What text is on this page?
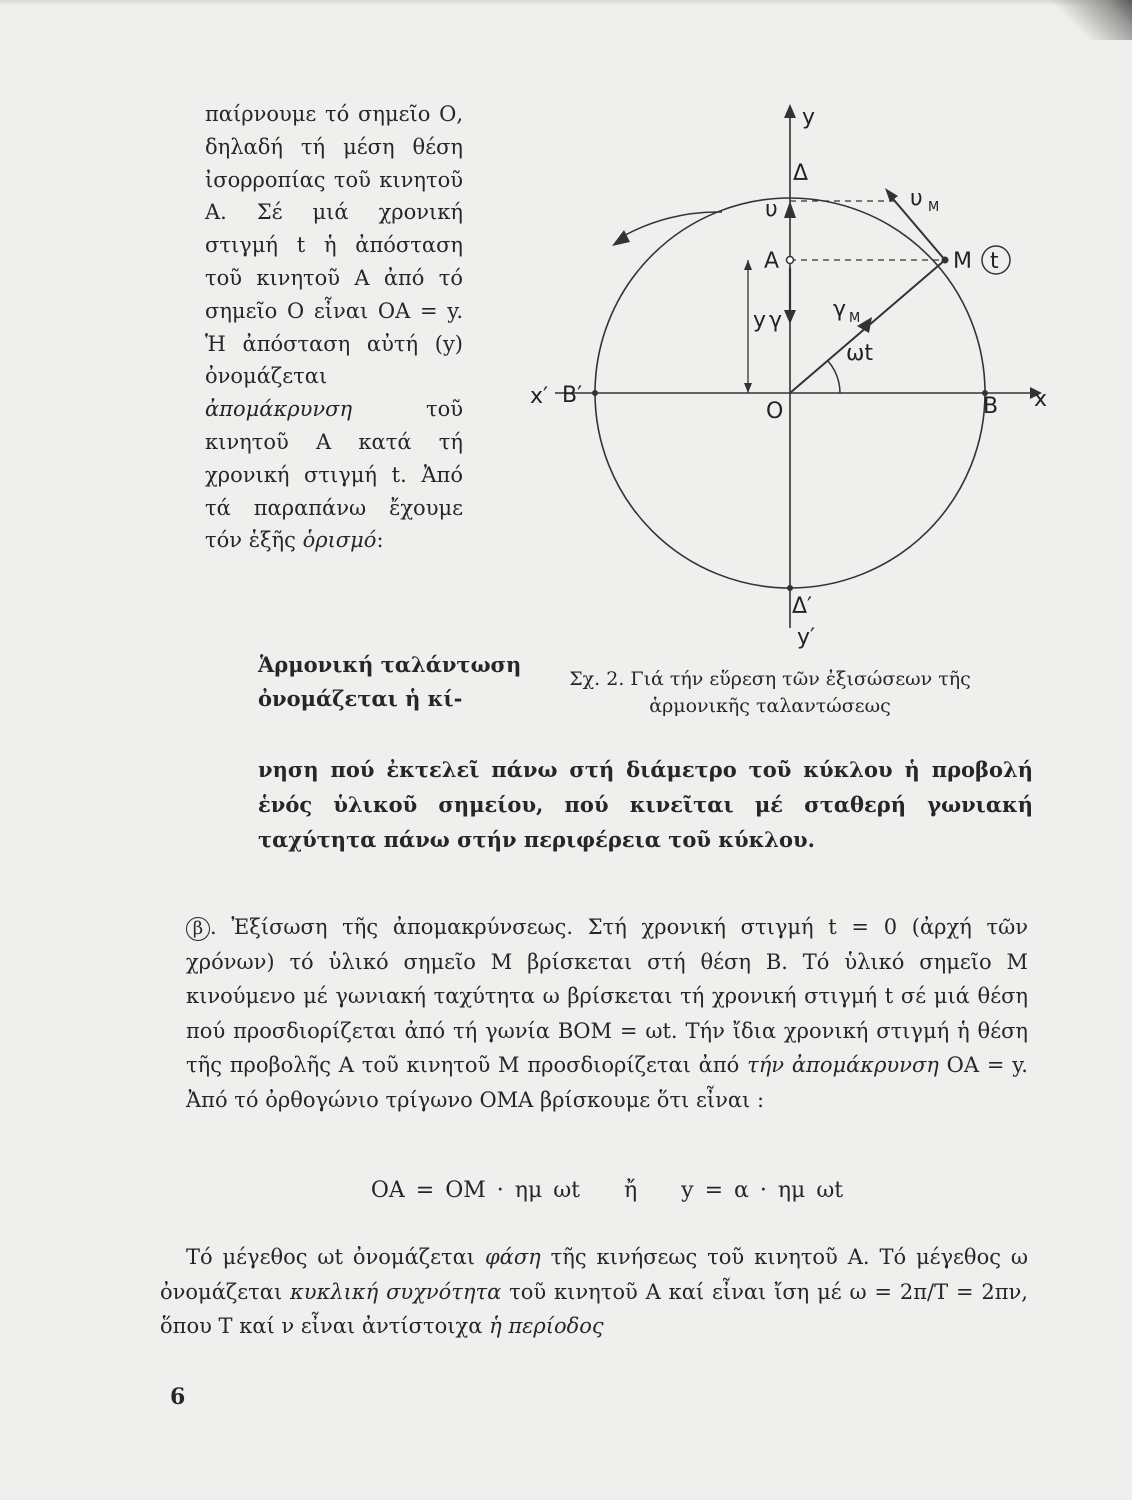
παίρνουμε τό σημεῖο Ο, δηλαδή τή μέση θέση ἰσορροπίας τοῦ κινητοῦ Α. Σέ μιά χρονική στιγμή t ἡ ἀπόσταση τοῦ κινητοῦ Α ἀπό τό σημεῖο Ο εἶναι ΟΑ = y. Ἡ ἀπόσταση αὐτή (y) ὀνομάζεται ἀπομάκρυνση	τοῦ κινητοῦ Α κατά τή χρονική στιγμή t. Ἀπό τά παραπάνω ἔχουμε τόν ἑξῆς ὁρισμό:

y
Δ
υ	υ M
Α	Μ t
y γ γ M
ωt
x′ B′
O	B x
Δ′
y′

Σχ. 2. Γιά τήν εὕρεση τῶν ἐξισώσεων τῆς
ἁρμονικῆς ταλαντώσεως

Ἁρμονική ταλάντωση ὀνομάζεται ἡ κί-

νηση πού ἐκτελεῖ πάνω στή διάμετρο τοῦ κύκλου ἡ προβολή ἑνός ὑλικοῦ σημείου, πού κινεῖται μέ σταθερή γωνιακή ταχύτητα πάνω στήν περιφέρεια τοῦ κύκλου.

β . Ἐξίσωση τῆς ἀπομακρύνσεως. Στή χρονική στιγμή t = 0 (ἀρχή τῶν χρόνων) τό ὑλικό σημεῖο Μ βρίσκεται στή θέση Β. Τό ὑλικό σημεῖο Μ κινούμενο μέ γωνιακή ταχύτητα ω βρίσκεται τή χρονική στιγμή t σέ μιά θέση πού προσδιορίζεται ἀπό τή γωνία ΒΟΜ = ωt. Τήν ἴδια χρονική στιγμή ἡ θέση τῆς προβολῆς Α τοῦ κινητοῦ Μ προσδιορίζεται ἀπό τήν ἀπομάκρυνση ΟΑ = y. Ἀπό τό ὀρθογώνιο τρίγωνο ΟΜΑ βρίσκουμε ὅτι εἶναι :

ΟΑ = ΟΜ · ημ ωt ἤ y = α · ημ ωt

Τό μέγεθος ωt ὀνομάζεται φάση τῆς κινήσεως τοῦ κινητοῦ Α. Τό μέγεθος ω ὀνομάζεται κυκλική συχνότητα τοῦ κινητοῦ Α καί εἶναι ἴση μέ ω = 2π/Τ = 2πν, ὅπου Τ καί ν εἶναι ἀντίστοιχα ἡ περίοδος

6
